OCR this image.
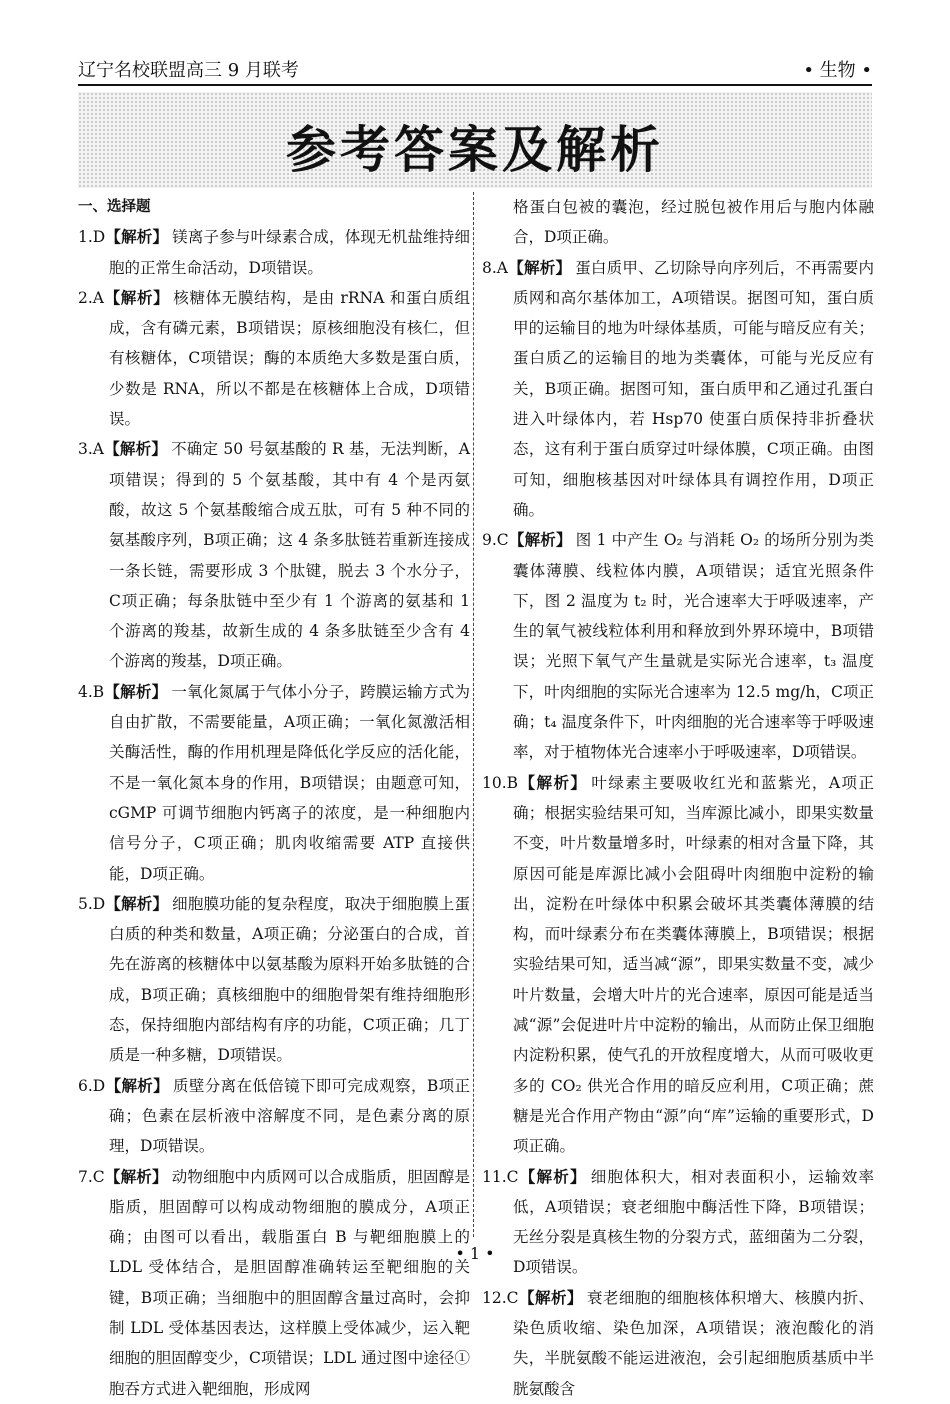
辽宁名校联盟高三 9 月联考	• 生物 •
参考答案及解析
一、选择题

1.D【解析】 镁离子参与叶绿素合成，体现无机盐维持细胞的正常生命活动，D项错误。

2.A【解析】 核糖体无膜结构，是由 rRNA 和蛋白质组成，含有磷元素，B项错误；原核细胞没有核仁，但有核糖体，C项错误；酶的本质绝大多数是蛋白质，少数是 RNA，所以不都是在核糖体上合成，D项错误。

3.A【解析】 不确定 50 号氨基酸的 R 基，无法判断，A项错误；得到的 5 个氨基酸，其中有 4 个是丙氨酸，故这 5 个氨基酸缩合成五肽，可有 5 种不同的氨基酸序列，B项正确；这 4 条多肽链若重新连接成一条长链，需要形成 3 个肽键，脱去 3 个水分子，C项正确；每条肽链中至少有 1 个游离的氨基和 1 个游离的羧基，故新生成的 4 条多肽链至少含有 4 个游离的羧基，D项正确。

4.B【解析】 一氧化氮属于气体小分子，跨膜运输方式为自由扩散，不需要能量，A项正确；一氧化氮激活相关酶活性，酶的作用机理是降低化学反应的活化能，不是一氧化氮本身的作用，B项错误；由题意可知，cGMP 可调节细胞内钙离子的浓度，是一种细胞内信号分子，C项正确；肌肉收缩需要 ATP 直接供能，D项正确。

5.D【解析】 细胞膜功能的复杂程度，取决于细胞膜上蛋白质的种类和数量，A项正确；分泌蛋白的合成，首先在游离的核糖体中以氨基酸为原料开始多肽链的合成，B项正确；真核细胞中的细胞骨架有维持细胞形态，保持细胞内部结构有序的功能，C项正确；几丁质是一种多糖，D项错误。

6.D【解析】 质壁分离在低倍镜下即可完成观察，B项正确；色素在层析液中溶解度不同，是色素分离的原理，D项错误。

7.C【解析】 动物细胞中内质网可以合成脂质，胆固醇是脂质，胆固醇可以构成动物细胞的膜成分，A项正确；由图可以看出，载脂蛋白 B 与靶细胞膜上的 LDL 受体结合，是胆固醇准确转运至靶细胞的关键，B项正确；当细胞中的胆固醇含量过高时，会抑制 LDL 受体基因表达，这样膜上受体减少，运入靶细胞的胆固醇变少，C项错误；LDL 通过图中途径①胞吞方式进入靶细胞，形成网

格蛋白包被的囊泡，经过脱包被作用后与胞内体融合，D项正确。

8.A【解析】 蛋白质甲、乙切除导向序列后，不再需要内质网和高尔基体加工，A项错误。据图可知，蛋白质甲的运输目的地为叶绿体基质，可能与暗反应有关；蛋白质乙的运输目的地为类囊体，可能与光反应有关，B项正确。据图可知，蛋白质甲和乙通过孔蛋白进入叶绿体内，若 Hsp70 使蛋白质保持非折叠状态，这有利于蛋白质穿过叶绿体膜，C项正确。由图可知，细胞核基因对叶绿体具有调控作用，D项正确。

9.C【解析】 图 1 中产生 O₂ 与消耗 O₂ 的场所分别为类囊体薄膜、线粒体内膜，A项错误；适宜光照条件下，图 2 温度为 t₂ 时，光合速率大于呼吸速率，产生的氧气被线粒体利用和释放到外界环境中，B项错误；光照下氧气产生量就是实际光合速率，t₃ 温度下，叶肉细胞的实际光合速率为 12.5 mg/h，C项正确；t₄ 温度条件下，叶肉细胞的光合速率等于呼吸速率，对于植物体光合速率小于呼吸速率，D项错误。

10.B【解析】 叶绿素主要吸收红光和蓝紫光，A项正确；根据实验结果可知，当库源比减小，即果实数量不变，叶片数量增多时，叶绿素的相对含量下降，其原因可能是库源比减小会阻碍叶肉细胞中淀粉的输出，淀粉在叶绿体中积累会破坏其类囊体薄膜的结构，而叶绿素分布在类囊体薄膜上，B项错误；根据实验结果可知，适当减“源”，即果实数量不变，减少叶片数量，会增大叶片的光合速率，原因可能是适当减“源”会促进叶片中淀粉的输出，从而防止保卫细胞内淀粉积累，使气孔的开放程度增大，从而可吸收更多的 CO₂ 供光合作用的暗反应利用，C项正确；蔗糖是光合作用产物由“源”向“库”运输的重要形式，D项正确。

11.C【解析】 细胞体积大，相对表面积小，运输效率低，A项错误；衰老细胞中酶活性下降，B项错误；无丝分裂是真核生物的分裂方式，蓝细菌为二分裂，D项错误。

12.C【解析】 衰老细胞的细胞核体积增大、核膜内折、染色质收缩、染色加深，A项错误；液泡酸化的消失，半胱氨酸不能运进液泡，会引起细胞质基质中半胱氨酸含

• 1 •
